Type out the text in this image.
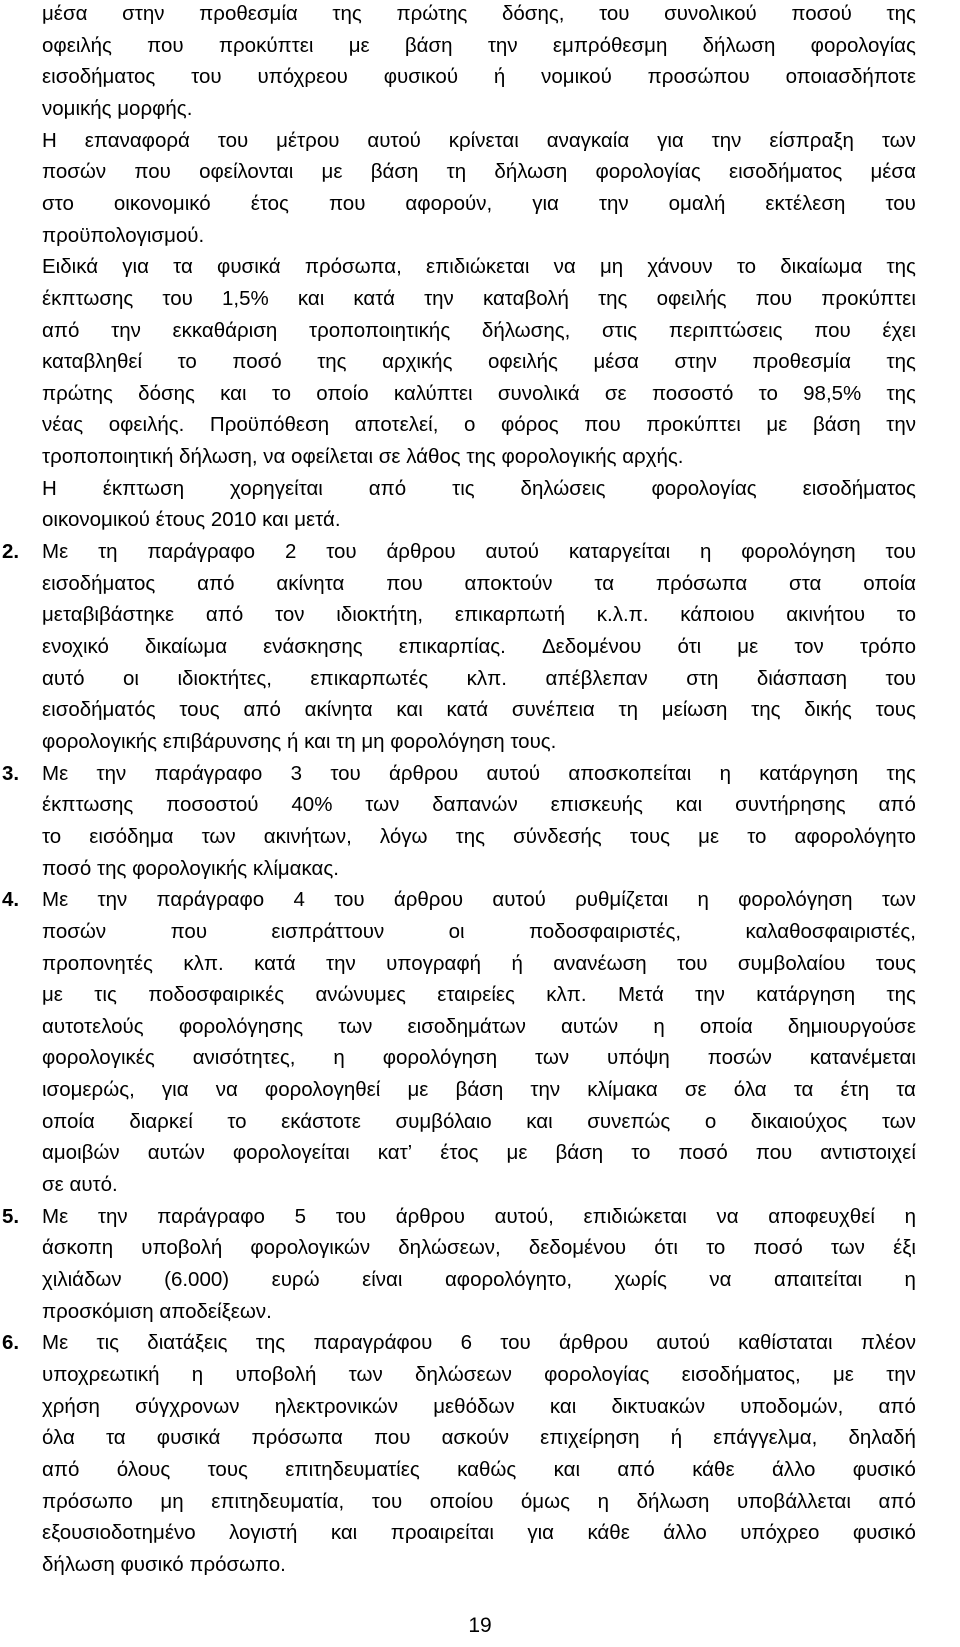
μέσα στην προθεσμία της πρώτης δόσης, του συνολικού ποσού της
οφειλής που προκύπτει με βάση την εμπρόθεσμη δήλωση φορολογίας
εισοδήματος του υπόχρεου φυσικού ή νομικού προσώπου οποιασδήποτε
νομικής μορφής.
Η επαναφορά του μέτρου αυτού κρίνεται αναγκαία για την είσπραξη των
ποσών που οφείλονται με βάση τη δήλωση φορολογίας εισοδήματος μέσα
στο οικονομικό έτος που αφορούν, για την ομαλή εκτέλεση του
προϋπολογισμού.
Ειδικά για τα φυσικά πρόσωπα, επιδιώκεται να μη χάνουν το δικαίωμα της
έκπτωσης του 1,5% και κατά την καταβολή της οφειλής που προκύπτει
από την εκκαθάριση τροποποιητικής δήλωσης, στις περιπτώσεις που έχει
καταβληθεί το ποσό της αρχικής οφειλής μέσα στην προθεσμία της
πρώτης δόσης και το οποίο καλύπτει συνολικά σε ποσοστό το 98,5% της
νέας οφειλής. Προϋπόθεση αποτελεί, ο φόρος που προκύπτει με βάση την
τροποποιητική δήλωση, να οφείλεται σε λάθος της φορολογικής αρχής.
Η έκπτωση χορηγείται από τις δηλώσεις φορολογίας εισοδήματος
οικονομικού έτους 2010 και μετά.
2. Με τη παράγραφο 2 του άρθρου αυτού καταργείται η φορολόγηση του
εισοδήματος από ακίνητα που αποκτούν τα πρόσωπα στα οποία
μεταβιβάστηκε από τον ιδιοκτήτη, επικαρπωτή κ.λ.π. κάποιου ακινήτου το
ενοχικό δικαίωμα ενάσκησης επικαρπίας. Δεδομένου ότι με τον τρόπο
αυτό οι ιδιοκτήτες, επικαρπωτές κλπ. απέβλεπαν στη διάσπαση του
εισοδήματός τους από ακίνητα και κατά συνέπεια τη μείωση της δικής τους
φορολογικής επιβάρυνσης ή και τη μη φορολόγηση τους.
3. Με την παράγραφο 3 του άρθρου αυτού αποσκοπείται η κατάργηση της
έκπτωσης ποσοστού 40% των δαπανών επισκευής και συντήρησης από
το εισόδημα των ακινήτων, λόγω της σύνδεσής τους με το αφορολόγητο
ποσό της φορολογικής κλίμακας.
4. Με την παράγραφο 4 του άρθρου αυτού ρυθμίζεται η φορολόγηση των
ποσών	που	εισπράττουν	οι	ποδοσφαιριστές,	καλαθοσφαιριστές,
προπονητές κλπ. κατά την υπογραφή ή ανανέωση του συμβολαίου τους
με τις ποδοσφαιρικές ανώνυμες εταιρείες κλπ. Μετά την κατάργηση της
αυτοτελούς φορολόγησης των εισοδημάτων αυτών η οποία δημιουργούσε
φορολογικές ανισότητες, η φορολόγηση των υπόψη ποσών κατανέμεται
ισομερώς, για να φορολογηθεί με βάση την κλίμακα σε όλα τα έτη τα
οποία διαρκεί το εκάστοτε συμβόλαιο και συνεπώς ο δικαιούχος των
αμοιβών αυτών φορολογείται κατ’ έτος με βάση το ποσό που αντιστοιχεί
σε αυτό.
5. Με την παράγραφο 5 του άρθρου αυτού, επιδιώκεται να αποφευχθεί η
άσκοπη υποβολή φορολογικών δηλώσεων, δεδομένου ότι το ποσό των έξι
χιλιάδων (6.000) ευρώ είναι αφορολόγητο, χωρίς να απαιτείται η
προσκόμιση αποδείξεων.
6. Με τις διατάξεις της παραγράφου 6 του άρθρου αυτού καθίσταται πλέον
υποχρεωτική η υποβολή των δηλώσεων φορολογίας εισοδήματος, με την
χρήση σύγχρονων ηλεκτρονικών μεθόδων και δικτυακών υποδομών, από
όλα τα φυσικά πρόσωπα που ασκούν επιχείρηση ή επάγγελμα, δηλαδή
από όλους τους επιτηδευματίες καθώς και από κάθε άλλο φυσικό
πρόσωπο μη επιτηδευματία, του οποίου όμως η δήλωση υποβάλλεται από
εξουσιοδοτημένο λογιστή και προαιρείται για κάθε άλλο υπόχρεο φυσικό
δήλωση φυσικό πρόσωπο.
19
